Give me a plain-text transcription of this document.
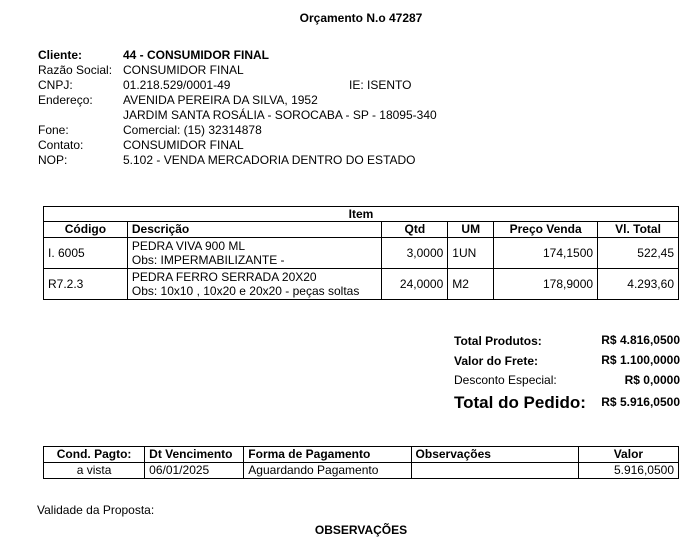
Orçamento N.o 47287
Cliente:	44 - CONSUMIDOR FINAL
Razão Social: CONSUMIDOR FINAL
CNPJ:	01.218.529/0001-49	IE: ISENTO
Endereço:	AVENIDA PEREIRA DA SILVA, 1952
JARDIM SANTA ROSÁLIA - SOROCABA - SP - 18095-340
Fone:	Comercial: (15) 32314878
Contato:	CONSUMIDOR FINAL
NOP:	5.102 - VENDA MERCADORIA DENTRO DO ESTADO
Item					
Código	Descrição	Qtd	UM	Preço Venda	Vl. Total
I. 6005	PEDRA VIVA 900 ML
Obs: IMPERMABILIZANTE -	3,0000	1UN	174,1500	522,45
R7.2.3	PEDRA FERRO SERRADA 20X20
Obs: 10x10 , 10x20 e 20x20 - peças soltas	24,0000	M2	178,9000	4.293,60
Total Produtos:	R$ 4.816,0500
Valor do Frete:	R$ 1.100,0000
Desconto Especial:	R$ 0,0000
Total do Pedido: R$ 5.916,0500
Cond. Pagto:	Dt Vencimento	Forma de Pagamento	Observações	Valor
a vista	06/01/2025	Aguardando Pagamento		5.916,0500
Validade da Proposta:
OBSERVAÇÕES
